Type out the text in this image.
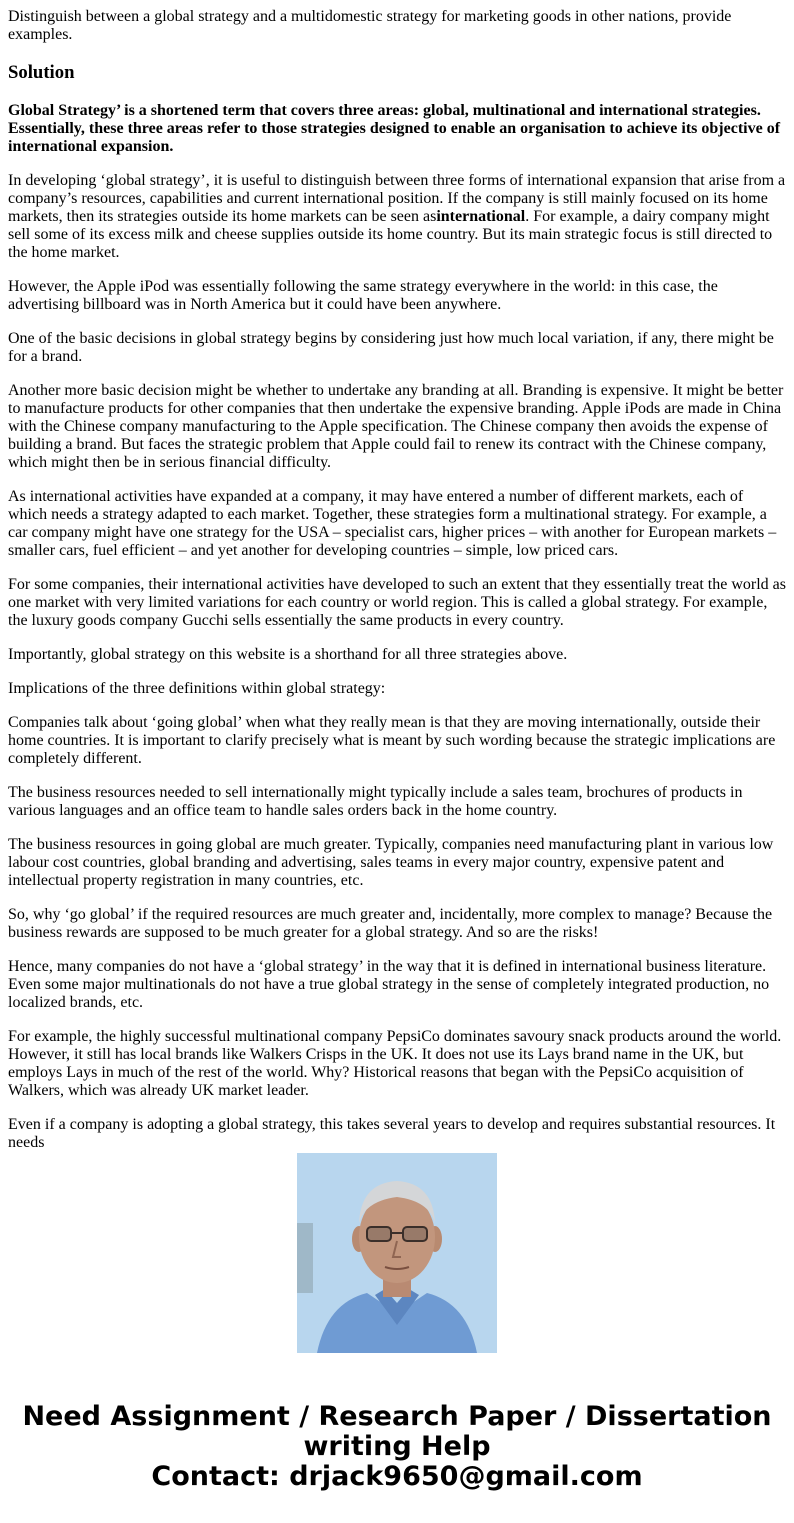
Distinguish between a global strategy and a multidomestic strategy for marketing goods in other nations, provide examples.

Solution

Global Strategy’ is a shortened term that covers three areas: global, multinational and international strategies. Essentially, these three areas refer to those strategies designed to enable an organisation to achieve its objective of international expansion.

In developing ‘global strategy’, it is useful to distinguish between three forms of international expansion that arise from a company’s resources, capabilities and current international position. If the company is still mainly focused on its home markets, then its strategies outside its home markets can be seen asinternational. For example, a dairy company might sell some of its excess milk and cheese supplies outside its home country. But its main strategic focus is still directed to the home market.

However, the Apple iPod was essentially following the same strategy everywhere in the world: in this case, the advertising billboard was in North America but it could have been anywhere.

One of the basic decisions in global strategy begins by considering just how much local variation, if any, there might be for a brand.

Another more basic decision might be whether to undertake any branding at all. Branding is expensive. It might be better to manufacture products for other companies that then undertake the expensive branding. Apple iPods are made in China with the Chinese company manufacturing to the Apple specification. The Chinese company then avoids the expense of building a brand. But faces the strategic problem that Apple could fail to renew its contract with the Chinese company, which might then be in serious financial difficulty.

As international activities have expanded at a company, it may have entered a number of different markets, each of which needs a strategy adapted to each market. Together, these strategies form a multinational strategy. For example, a car company might have one strategy for the USA – specialist cars, higher prices – with another for European markets – smaller cars, fuel efficient – and yet another for developing countries – simple, low priced cars.

For some companies, their international activities have developed to such an extent that they essentially treat the world as one market with very limited variations for each country or world region. This is called a global strategy. For example, the luxury goods company Gucchi sells essentially the same products in every country.

Importantly, global strategy on this website is a shorthand for all three strategies above.

Implications of the three definitions within global strategy:

Companies talk about ‘going global’ when what they really mean is that they are moving internationally, outside their home countries. It is important to clarify precisely what is meant by such wording because the strategic implications are completely different.

The business resources needed to sell internationally might typically include a sales team, brochures of products in various languages and an office team to handle sales orders back in the home country.

The business resources in going global are much greater. Typically, companies need manufacturing plant in various low labour cost countries, global branding and advertising, sales teams in every major country, expensive patent and intellectual property registration in many countries, etc.

So, why ‘go global’ if the required resources are much greater and, incidentally, more complex to manage? Because the business rewards are supposed to be much greater for a global strategy. And so are the risks!

Hence, many companies do not have a ‘global strategy’ in the way that it is defined in international business literature. Even some major multinationals do not have a true global strategy in the sense of completely integrated production, no localized brands, etc.

For example, the highly successful multinational company PepsiCo dominates savoury snack products around the world. However, it still has local brands like Walkers Crisps in the UK. It does not use its Lays brand name in the UK, but employs Lays in much of the rest of the world. Why? Historical reasons that began with the PepsiCo acquisition of Walkers, which was already UK market leader.

Even if a company is adopting a global strategy, this takes several years to develop and requires substantial resources. It needs

Need Assignment / Research Paper / Dissertation
writing Help
Contact: drjack9650@gmail.com
